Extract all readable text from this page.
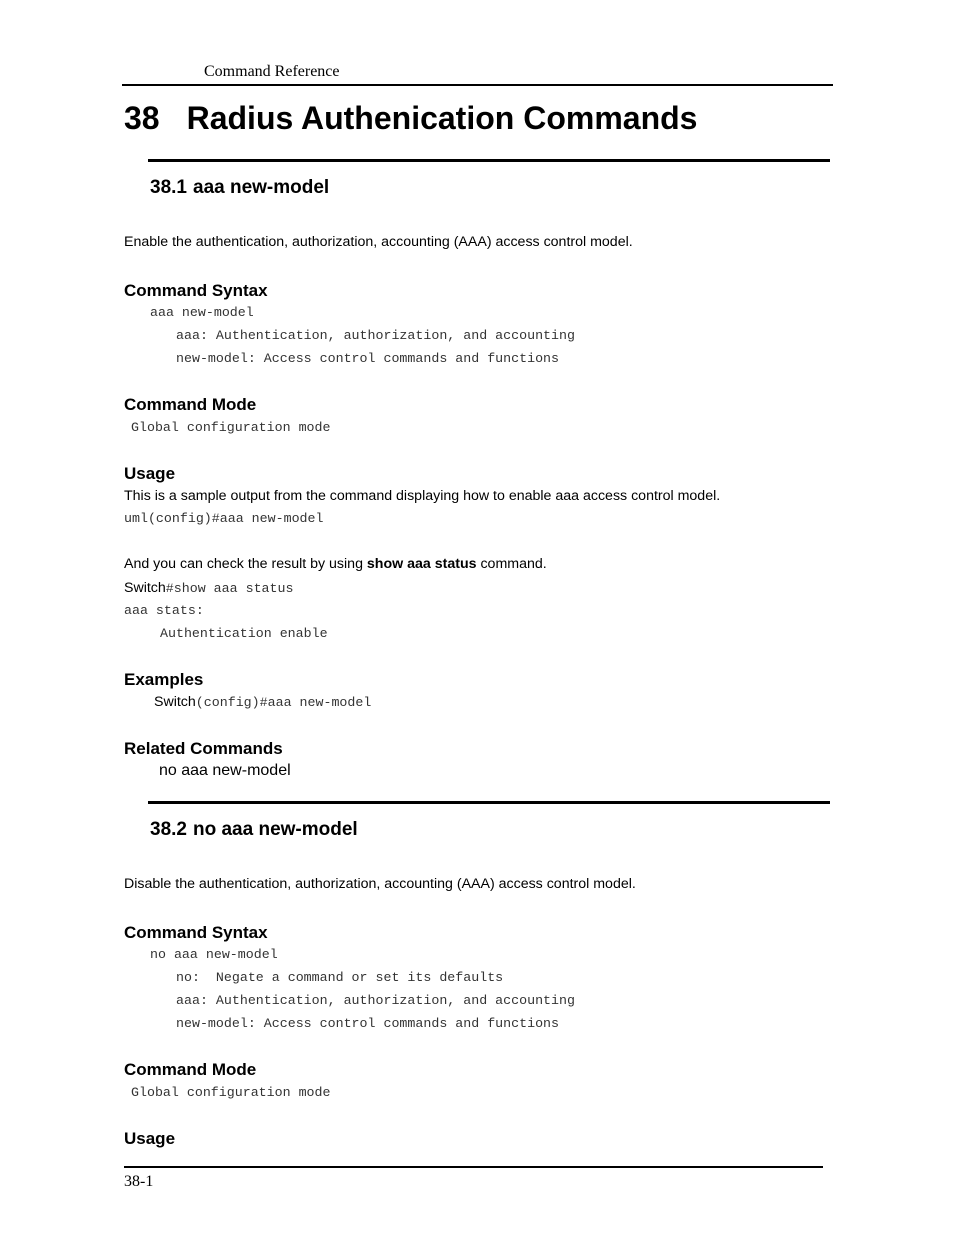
Command Reference
38 Radius Authenication Commands
38.1 aaa new-model
Enable the authentication, authorization, accounting (AAA) access control model.
Command Syntax
aaa new-model
aaa: Authentication, authorization, and accounting
new-model: Access control commands and functions
Command Mode
Global configuration mode
Usage
This is a sample output from the command displaying how to enable aaa access control model.
uml(config)#aaa new-model
And you can check the result by using show aaa status command.
Switch#show aaa status
aaa stats:
Authentication enable
Examples
Switch(config)#aaa new-model
Related Commands
no aaa new-model
38.2 no aaa new-model
Disable the authentication, authorization, accounting (AAA) access control model.
Command Syntax
no aaa new-model
no:  Negate a command or set its defaults
aaa: Authentication, authorization, and accounting
new-model: Access control commands and functions
Command Mode
Global configuration mode
Usage
38-1
